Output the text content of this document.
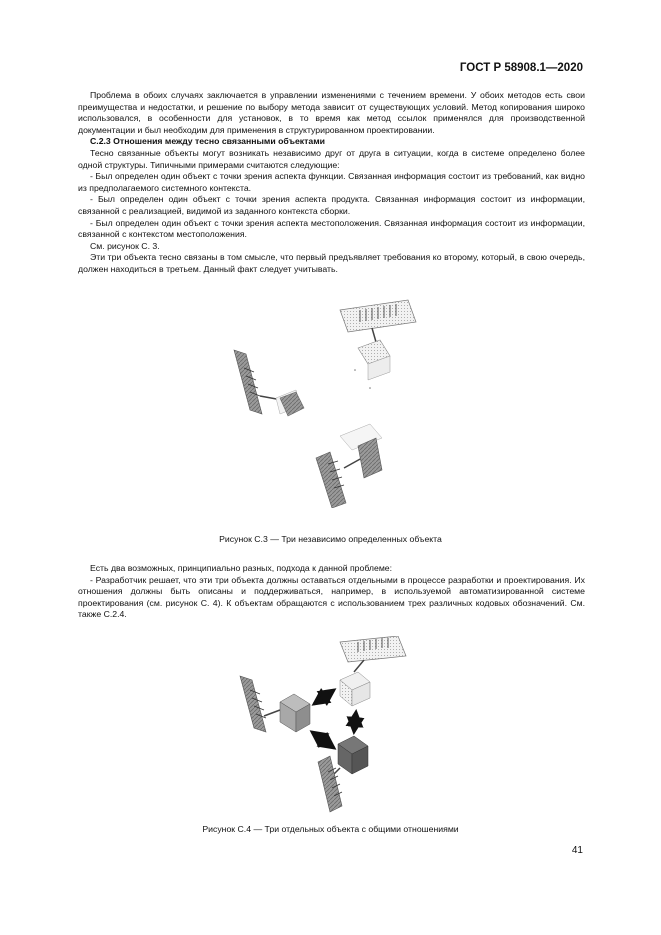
ГОСТ Р 58908.1—2020

Проблема в обоих случаях заключается в управлении изменениями с течением времени. У обоих методов есть свои преимущества и недостатки, и решение по выбору метода зависит от существующих условий. Метод копирования широко использовался, в особенности для установок, в то время как метод ссылок применялся для производственной документации и был необходим для применения в структурированном проектировании.

С.2.3 Отношения между тесно связанными объектами

Тесно связанные объекты могут возникать независимо друг от друга в ситуации, когда в системе определено более одной структуры. Типичными примерами считаются следующие:

- Был определен один объект с точки зрения аспекта функции. Связанная информация состоит из требований, как видно из предполагаемого системного контекста.

- Был определен один объект с точки зрения аспекта продукта. Связанная информация состоит из информации, связанной с реализацией, видимой из заданного контекста сборки.

- Был определен один объект с точки зрения аспекта местоположения. Связанная информация состоит из информации, связанной с контекстом местоположения.

См. рисунок С. 3.

Эти три объекта тесно связаны в том смысле, что первый предъявляет требования ко второму, который, в свою очередь, должен находиться в третьем. Данный факт следует учитывать.

Рисунок С.3 — Три независимо определенных объекта

Есть два возможных, принципиально разных, подхода к данной проблеме:

- Разработчик решает, что эти три объекта должны оставаться отдельными в процессе разработки и проектирования. Их отношения должны быть описаны и поддерживаться, например, в используемой автоматизированной системе проектирования (см. рисунок С. 4). К объектам обращаются с использованием трех различных кодовых обозначений. См. также С.2.4.

Рисунок С.4 — Три отдельных объекта с общими отношениями
41
